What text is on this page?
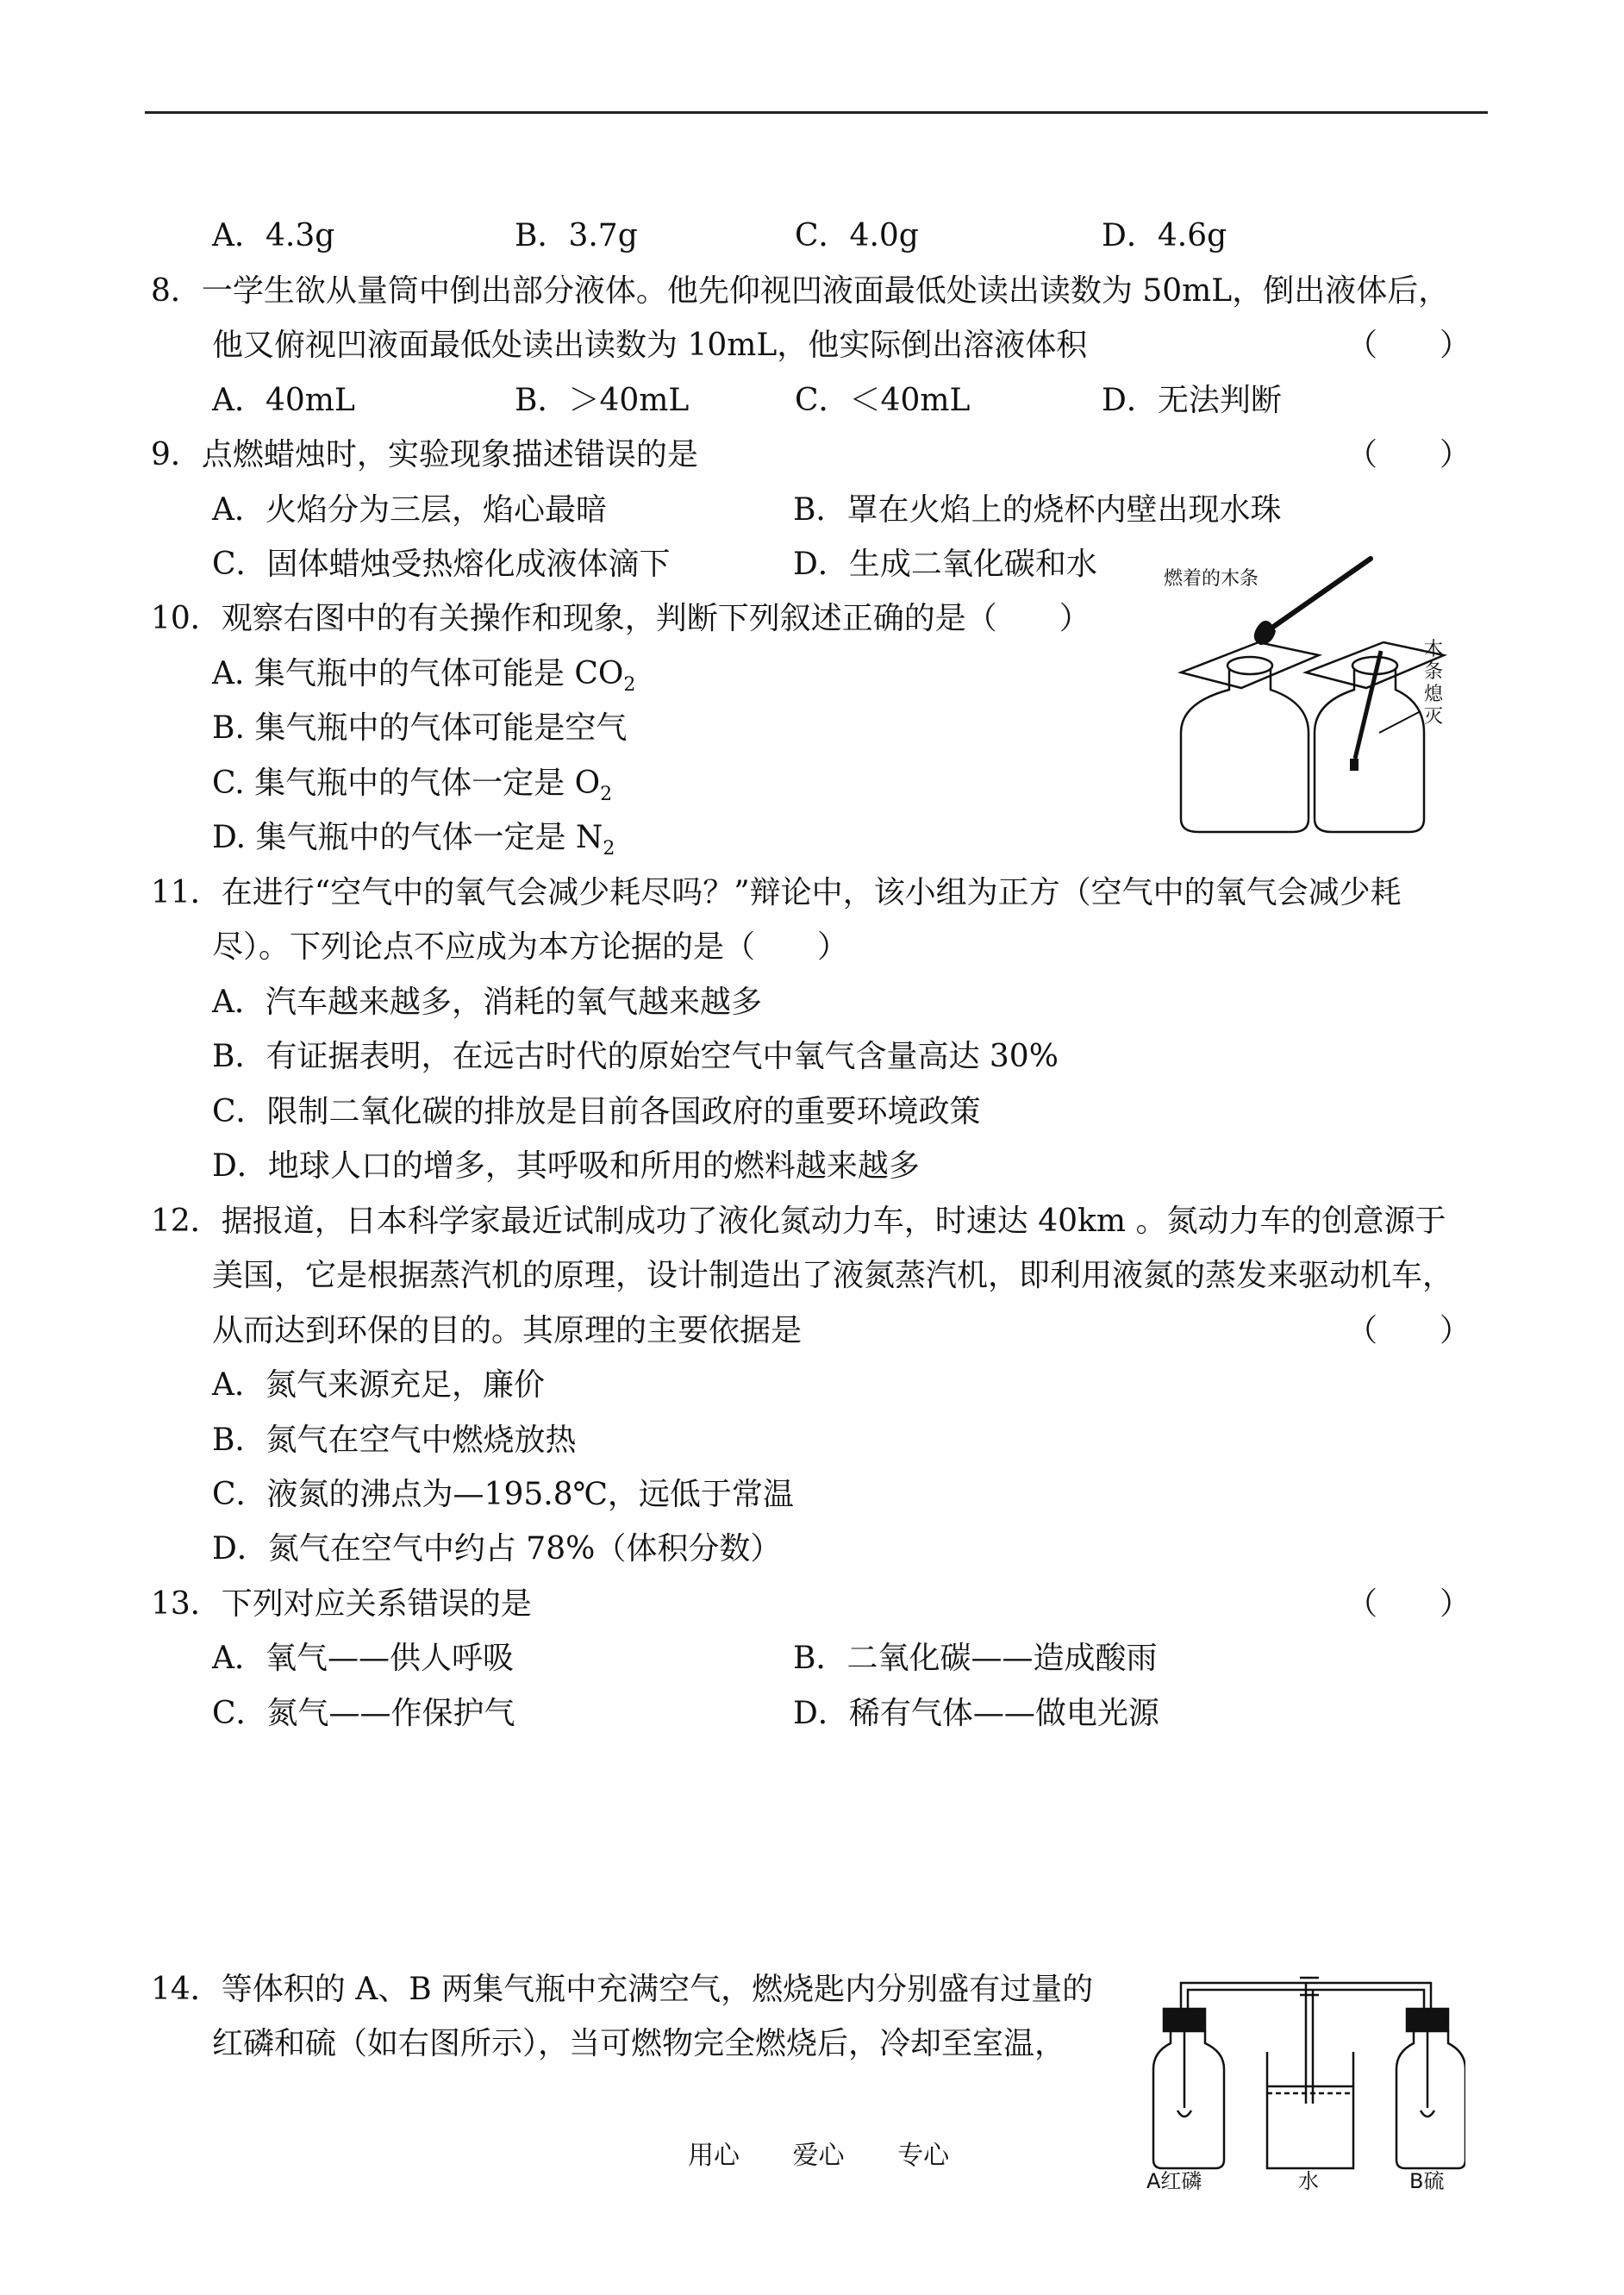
A．4.3g	B．3.7g	C．4.0g	D．4.6g
8．一学生欲从量筒中倒出部分液体。他先仰视凹液面最低处读出读数为 50mL，倒出液体后，
他又俯视凹液面最低处读出读数为 10mL，他实际倒出溶液体积	（　　）
A．40mL	B．＞40mL	C．＜40mL	D．无法判断
9．点燃蜡烛时，实验现象描述错误的是	（　　）
A．火焰分为三层，焰心最暗	B．罩在火焰上的烧杯内壁出现水珠
C．固体蜡烛受热熔化成液体滴下	D．生成二氧化碳和水
10．观察右图中的有关操作和现象，判断下列叙述正确的是（　　）
A. 集气瓶中的气体可能是 $CO_2$
B. 集气瓶中的气体可能是空气
C. 集气瓶中的气体一定是 $O_2$
D. 集气瓶中的气体一定是 $N_2$
燃着的木条
木
条
熄
灭
11．在进行“空气中的氧气会减少耗尽吗？”辩论中，该小组为正方（空气中的氧气会减少耗
尽）。下列论点不应成为本方论据的是（　　）
A．汽车越来越多，消耗的氧气越来越多
B．有证据表明，在远古时代的原始空气中氧气含量高达 30%
C．限制二氧化碳的排放是目前各国政府的重要环境政策
D．地球人口的增多，其呼吸和所用的燃料越来越多
12．据报道，日本科学家最近试制成功了液化氮动力车，时速达 40km 。氮动力车的创意源于
美国，它是根据蒸汽机的原理，设计制造出了液氮蒸汽机，即利用液氮的蒸发来驱动机车，
从而达到环保的目的。其原理的主要依据是	（　　）
A．氮气来源充足，廉价
B．氮气在空气中燃烧放热
C．液氮的沸点为—195.8℃，远低于常温
D．氮气在空气中约占 78%（体积分数）
13．下列对应关系错误的是	（　　）
A．氧气——供人呼吸	B．二氧化碳——造成酸雨
C．氮气——作保护气	D．稀有气体——做电光源
14．等体积的 A、B 两集气瓶中充满空气，燃烧匙内分别盛有过量的
红磷和硫（如右图所示），当可燃物完全燃烧后，冷却至室温，
A红磷	水	B硫
用心 爱心 专心
